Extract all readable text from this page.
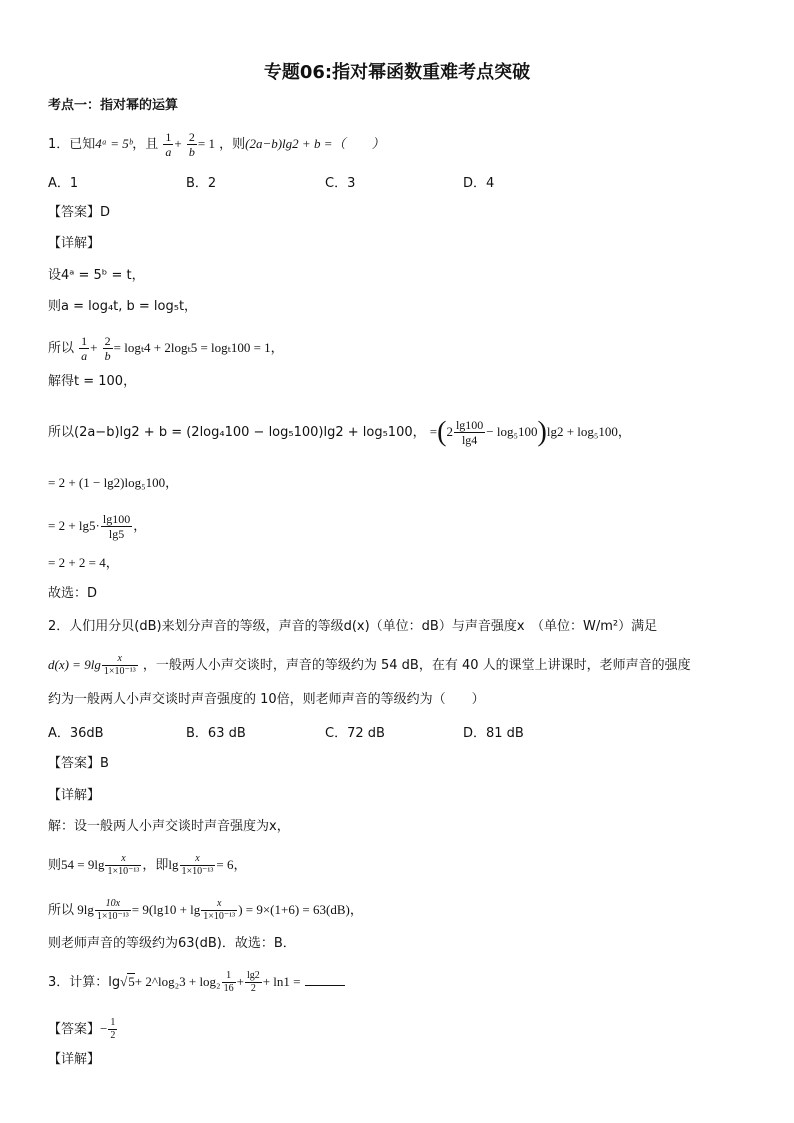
专题06:指对幂函数重难考点突破
考点一：指对幂的运算
1．已知4ᵃ = 5ᵇ，且 $\frac{1}{a} + \frac{2}{b} = 1$ ，则(2a−b)lg2 + b =（　　）
A．1	B．2	C．3	D．4
【答案】D
【详解】
设4ᵃ = 5ᵇ = t，
则a = log₄t, b = log₅t，
所以 $\frac{1}{a} + \frac{2}{b} = \log_t4 + 2\log_t5 = \log_t100 = 1$，
解得t = 100，
所以(2a−b)lg2 + b = (2log₄100 − log₅100)lg2 + log₅100， $=(2 \frac{\lg 100}{\lg 4} - \log_5100)\lg 2 + \log_5100$，
= 2 + (1 − lg2)log₅100，
= $2 + \lg 5\cdot \frac{\lg 100}{\lg 5}$ ，
= 2 + 2 = 4，
故选：D
2．人们用分贝(dB)来划分声音的等级，声音的等级d(x)（单位：dB）与声音强度x　（单位：W/m²）满足
$d(x) = 9\lg \frac{x}{\text{1×10⁻¹³}}$ ，一般两人小声交谈时，声音的等级约为 54 dB，在有 40 人的课堂上讲课时，老师声音的强度
约为一般两人小声交谈时声音强度的 10倍，则老师声音的等级约为（　　）
A．36dB	B．63 dB	C．72 dB	D．81 dB
【答案】B
【详解】
解：设一般两人小声交谈时声音强度为x，
则$54 = 9\lg \frac{x}{\text{1×10⁻¹³}}$ ，即$\lg \frac{x}{\text{1×10⁻¹³}} = 6$，
所以 $9\lg \frac{10x}{\text{1×10⁻¹³}} = 9(\lg 10 + \lg \frac{x}{\text{1×10⁻¹³}}$ ) = 9×(1+6) = 63(dB)，
则老师声音的等级约为63(dB)．故选：B．
3．计算：lg√5+ 2^log₂3 + $\log_2 \frac{1}{16} + \frac{\lg 2}{2} + \ln 1$ =
【答案】− $\frac{1}{2}$
【详解】
